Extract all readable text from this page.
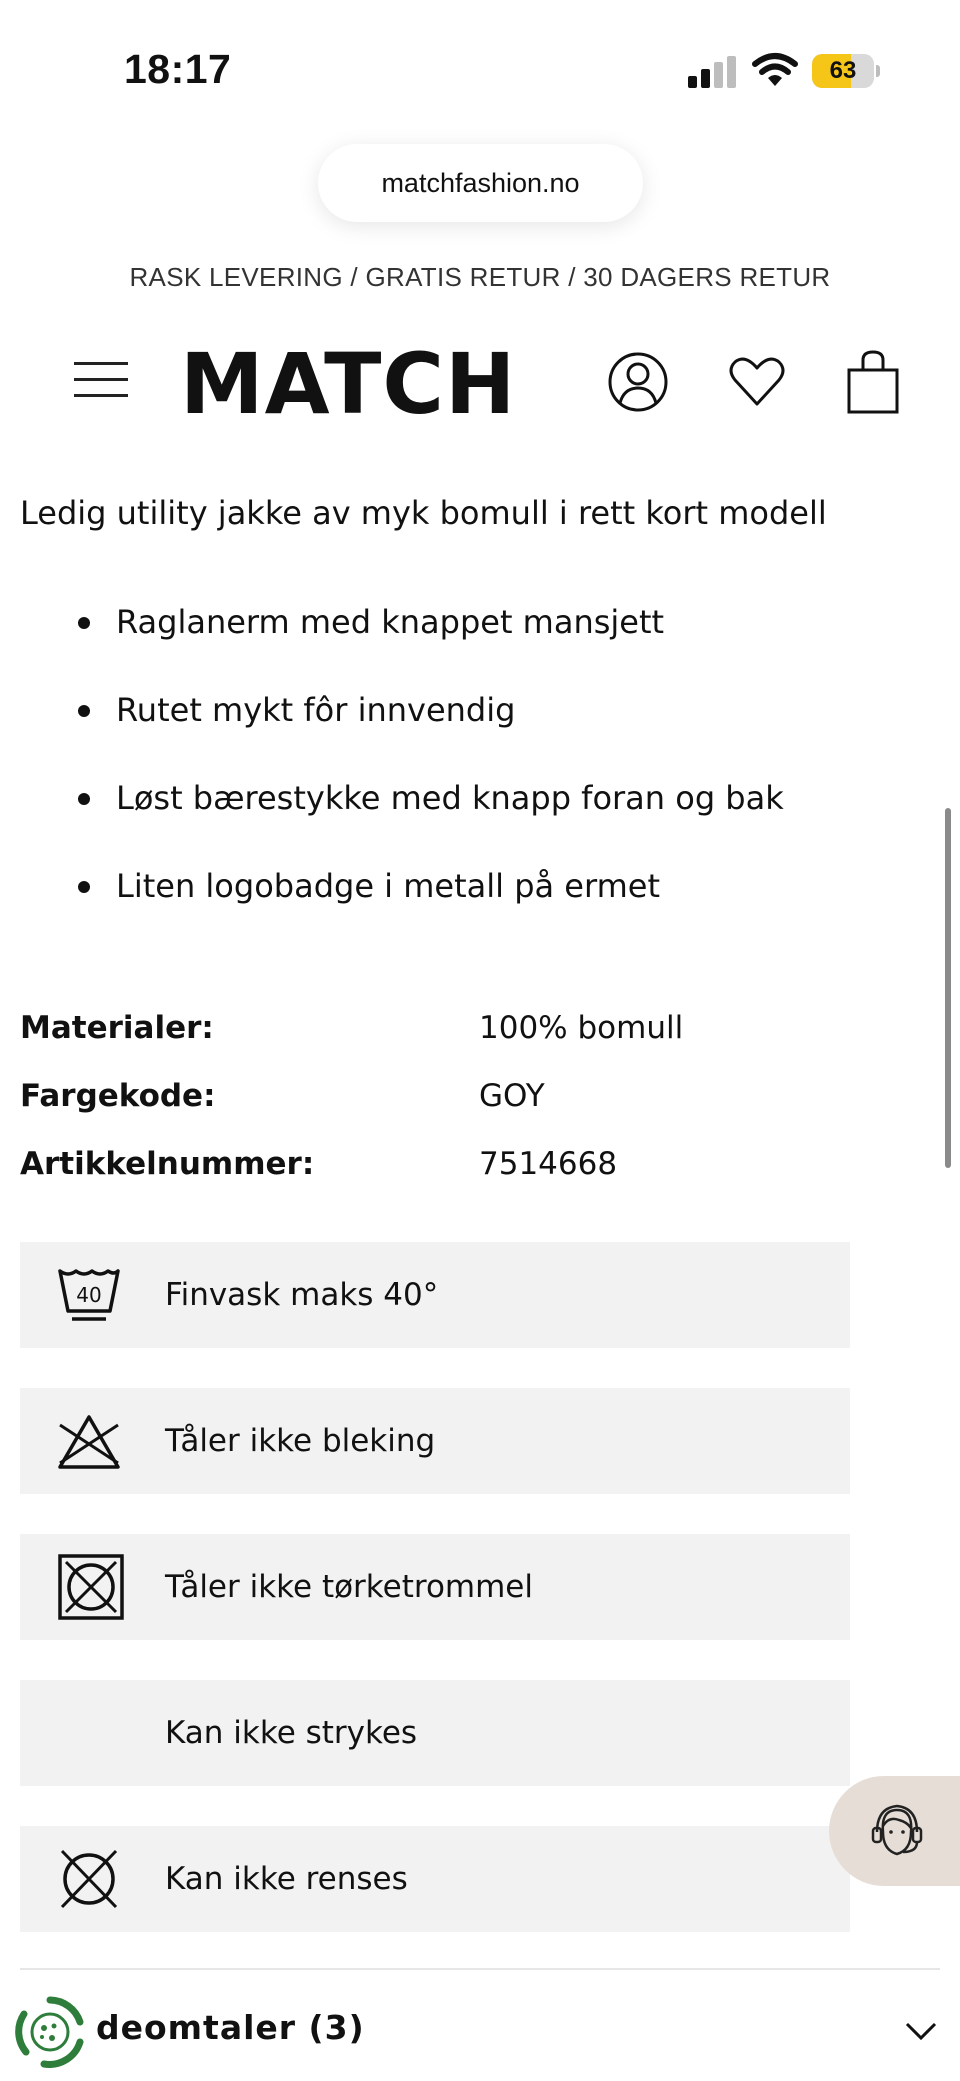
18:17	63
matchfashion.no
RASK LEVERING / GRATIS RETUR / 30 DAGERS RETUR
MATCH
Ledig utility jakke av myk bomull i rett kort modell
Raglanerm med knappet mansjett
Rutet mykt fôr innvendig
Løst bærestykke med knapp foran og bak
Liten logobadge i metall på ermet
Materialer:	100% bomull
Fargekode:	GOY
Artikkelnummer:	7514668
40 Finvask maks 40°
Tåler ikke bleking
Tåler ikke tørketrommel
Kan ikke strykes
Kan ikke renses
deomtaler (3)
